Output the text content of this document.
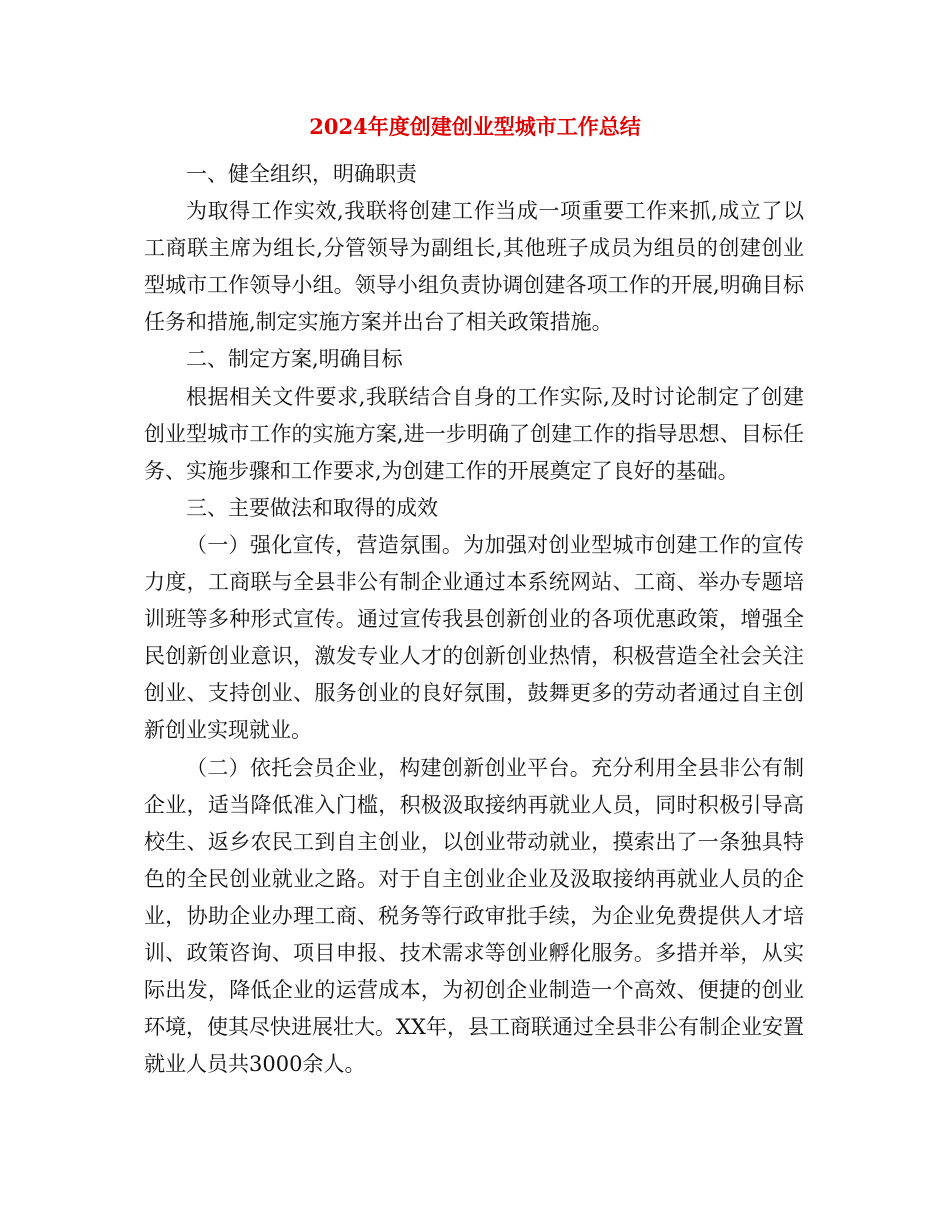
2024年度创建创业型城市工作总结

一、健全组织，明确职责

为取得工作实效,我联将创建工作当成一项重要工作来抓,成立了以工商联主席为组长,分管领导为副组长,其他班子成员为组员的创建创业型城市工作领导小组。领导小组负责协调创建各项工作的开展,明确目标任务和措施,制定实施方案并出台了相关政策措施。

二、制定方案,明确目标

根据相关文件要求,我联结合自身的工作实际,及时讨论制定了创建创业型城市工作的实施方案,进一步明确了创建工作的指导思想、目标任务、实施步骤和工作要求,为创建工作的开展奠定了良好的基础。

三、主要做法和取得的成效

（一）强化宣传，营造氛围。为加强对创业型城市创建工作的宣传力度，工商联与全县非公有制企业通过本系统网站、工商、举办专题培训班等多种形式宣传。通过宣传我县创新创业的各项优惠政策，增强全民创新创业意识，激发专业人才的创新创业热情，积极营造全社会关注创业、支持创业、服务创业的良好氛围，鼓舞更多的劳动者通过自主创新创业实现就业。

（二）依托会员企业，构建创新创业平台。充分利用全县非公有制企业，适当降低准入门槛，积极汲取接纳再就业人员，同时积极引导高校生、返乡农民工到自主创业，以创业带动就业，摸索出了一条独具特色的全民创业就业之路。对于自主创业企业及汲取接纳再就业人员的企业，协助企业办理工商、税务等行政审批手续，为企业免费提供人才培训、政策咨询、项目申报、技术需求等创业孵化服务。多措并举，从实际出发，降低企业的运营成本，为初创企业制造一个高效、便捷的创业环境，使其尽快进展壮大。XX年，县工商联通过全县非公有制企业安置就业人员共3000余人。
